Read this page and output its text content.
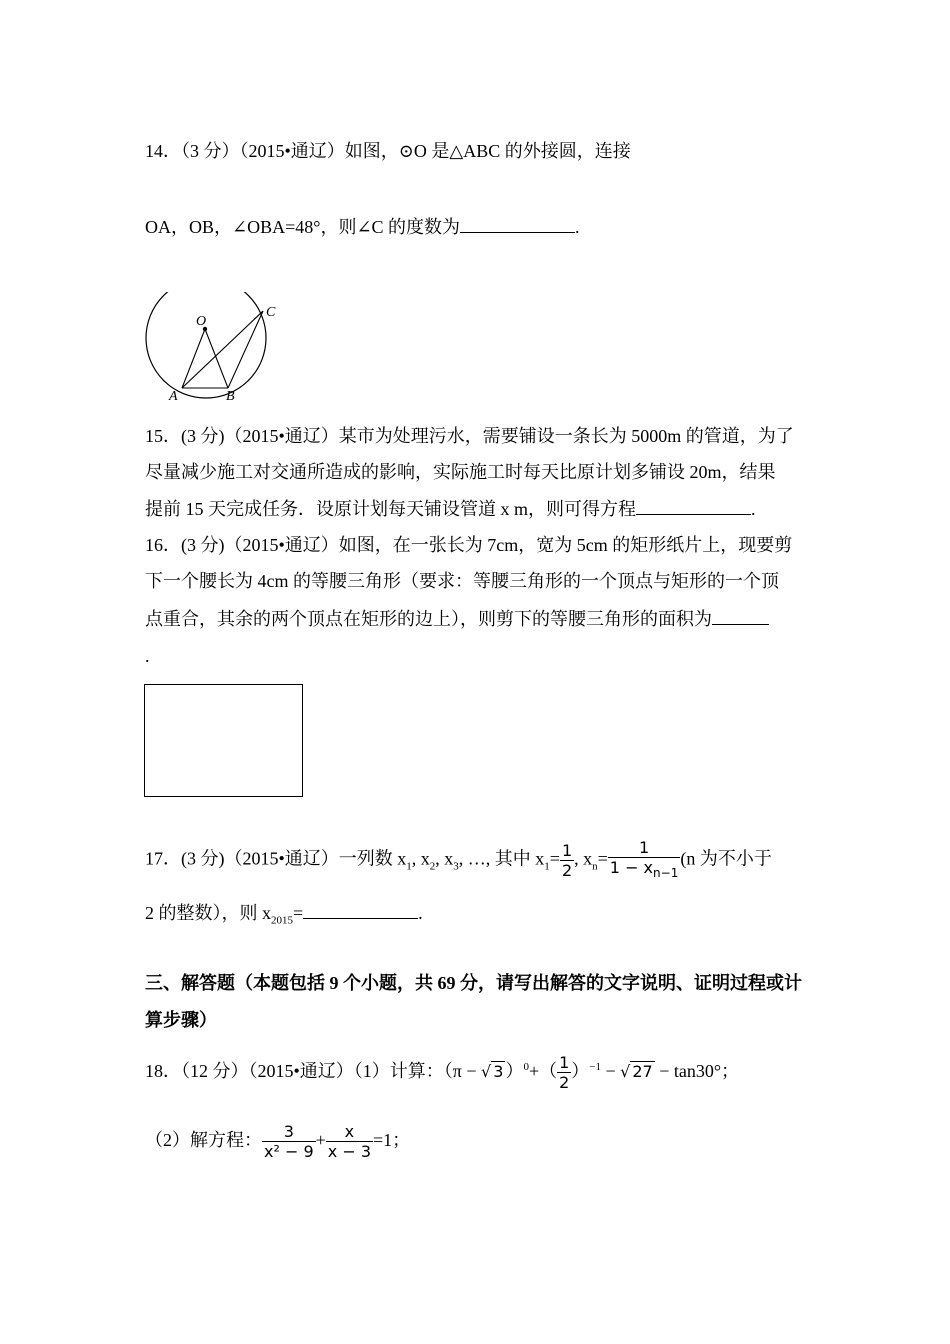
14．（3 分）（2015•通辽）如图，⊙O 是△ABC 的外接圆，连接
OA，OB，∠OBA=48°，则∠C 的度数为	.
O
A	B
C
15．(3 分)（2015•通辽）某市为处理污水，需要铺设一条长为 5000m 的管道，为了
尽量减少施工对交通所造成的影响，实际施工时每天比原计划多铺设 20m，结果
提前 15 天完成任务．设原计划每天铺设管道 x m，则可得方程	.
16．(3 分)（2015•通辽）如图，在一张长为 7cm，宽为 5cm 的矩形纸片上，现要剪
下一个腰长为 4cm 的等腰三角形（要求：等腰三角形的一个顶点与矩形的一个顶
点重合，其余的两个顶点在矩形的边上），则剪下的等腰三角形的面积为
.
17．(3 分)（2015•通辽）一列数 $x_1$, $x_2$, $x_3$, …, 其中 $x_1= \frac{1}{2}$ , $x_n= \frac{1}{1 - x_{n-1}} (n$ 为不小于
2 的整数），则 $x_{2015}=$	.
三、解答题（本题包括 9 个小题，共 69 分，请写出解答的文字说明、证明过程或计
算步骤）
18．（12 分）（2015•通辽）（1）计算：（π − √ 3 ）$^0+( \frac{1}{2} )^{-1}$ − √ 27 − tan30°；
（2）解方程： $\frac{3}{\text{x² − 9}} + \frac{x}{x - 3} =1$；
